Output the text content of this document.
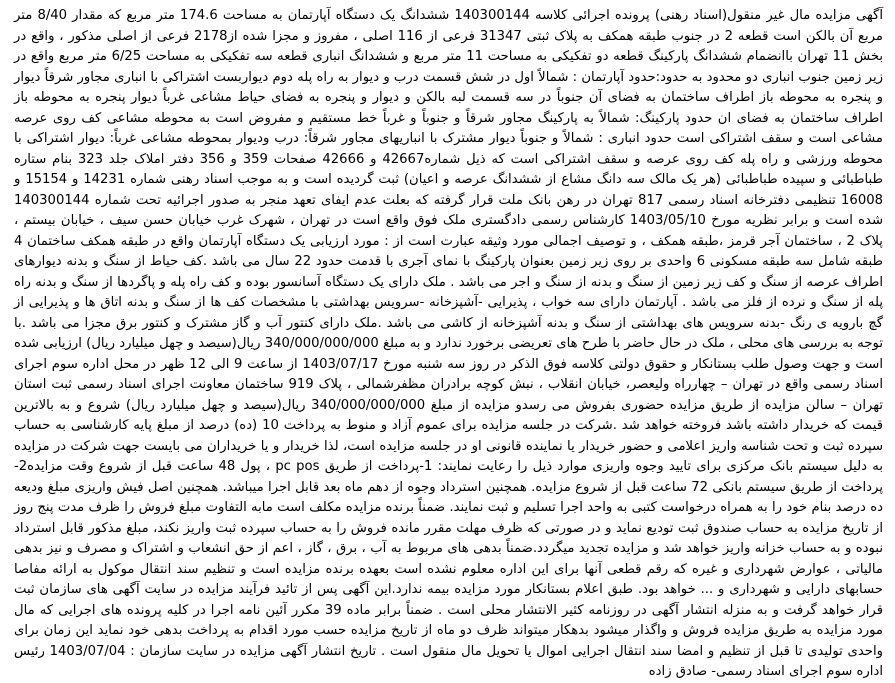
آگهی مزایده مال غیر منقول(اسناد رهنی) پرونده اجرائی کلاسه 140300144 ششدانگ یک دستگاه آپارتمان به مساحت 174.6 متر مربع که مقدار 8/40 متر مربع آن بالکن است قطعه 2 در جنوب طبقه همکف به پلاک ثبتی 31347 فرعی از 116 اصلی ، مفروز و مجزا شده از2178 فرعی از اصلی مذکور ، واقع در بخش 11 تهران باانضمام ششدانگ پارکینگ قطعه دو تفکیکی به مساحت 11 متر مربع و ششدانگ انباری قطعه سه تفکیکی به مساحت 6/25 متر مربع واقع در زیر زمین جنوب انباری دو محدود به حدود:حدود آپارتمان : شمالاً اول در شش قسمت درب و دیوار به راه پله دوم دیواربست اشتراکی با انباری مجاور شرقاً دیوار و پنجره به محوطه باز اطراف ساختمان به فضای آن جنوباً در سه قسمت لبه بالکن و دیوار و پنجره به فضای حیاط مشاعی غرباً دیوار پنجره به محوطه باز اطراف ساختمان به فضای ان حدود پارکینگ: شمالاً به پارکینگ مجاور شرقاً و جنوباً و غرباً خط مستقیم و مفروض است به محوطه مشاعی کف روی عرصه مشاعی است و سقف اشتراکی است حدود انباری : شمالاً و جنوباً دیوار مشترک با انباریهای مجاور شرقاً: درب ودیوار بمحوطه مشاعی غرباً: دیوار اشتراکی با محوطه ورزشی و راه پله کف روی عرصه و سقف اشتراکی است که ذیل شماره42667 و 42666 صفحات 359 و 356 دفتر املاک جلد 323 بنام ستاره طباطبائی و سپیده طباطبائی (هر یک مالک سه دانگ مشاع از ششدانگ عرصه و اعیان) ثبت گردیده است و به موجب اسناد رهنی شماره 14231 و 15154 و 16008 تنظیمی دفترخانه اسناد رسمی 817 تهران در رهن بانک ملت قرار گرفته که بعلت عدم ایفای تعهد منجر به صدور اجرائیه تحت شماره 140300144 شده است و برابر نظریه مورخ 1403/05/10 کارشناس رسمی دادگستری ملک فوق واقع است در تهران ، شهرک غرب خیابان حسن سیف ، خیابان بیستم ، پلاک 2 ، ساختمان آجر قرمز ،طبقه همکف ، و توصیف اجمالی مورد وثیقه عبارت است از : مورد ارزیابی یک دستگاه آپارتمان واقع در طبقه همکف ساختمان 4 طبقه شامل سه طبقه مسکونی 6 واحدی بر روی زیر زمین بعنوان پارکینگ با نمای آجری با قدمت حدود 22 سال می باشد .کف حیاط از سنگ و بدنه دیوارهای اطراف عرصه از سنگ و کف زیر زمین از سنگ و بدنه از سنگ و اجر می باشد . ملک دارای یک دستگاه آسانسور بوده و کف راه پله و پاگردها از سنگ و بدنه راه پله از سنگ و نرده از فلز می باشد . آپارتمان دارای سه خواب ، پذیرایی -آشپزخانه -سرویس بهداشتی با مشخصات کف ها از سنگ و بدنه اتاق ها و پذیرایی از گچ بارویه ی رنگ -بدنه سرویس های بهداشتی از سنگ و بدنه آشپزخانه از کاشی می باشد .ملک دارای کنتور آب و گاز مشترک و کنتور برق مجزا می باشد .با توجه به بررسی های محلی ، ملک در حال حاضر با طرح های تعریضی برخورد ندارد و به مبلغ 340/000/000/000 ریال(سیصد و چهل میلیارد ریال) ارزیابی شده است و جهت وصول طلب بستانکار و حقوق دولتی کلاسه فوق الذکر در روز سه شنبه مورخ 1403/07/17 از ساعت 9 الی 12 ظهر در محل اداره سوم اجرای اسناد رسمی واقع در تهران – چهارراه ولیعصر، خیابان انقلاب ، نبش کوچه برادران مظفرشمالی ، پلاک 919 ساختمان معاونت اجرای اسناد رسمی ثبت استان تهران – سالن مزایده از طریق مزایده حضوری بفروش می رسدو مزایده از مبلغ 340/000/000/000 ریال(سیصد و چهل میلیارد ریال) شروع و به بالاترین قیمت که خریدار داشته باشد فروخته خواهد شد .شرکت در جلسه مزایده برای عموم آزاد و منوط به پرداخت 10 (ده) درصد از مبلغ پایه کارشناسی به حساب سپرده ثبت و تحت شناسه واریز اعلامی و حضور خریدار یا نماینده قانونی او در جلسه مزایده است، لذا خریدار و یا خریداران می بایست جهت شرکت در مزایده به دلیل سیستم بانک مرکزی برای تایید وجوه واریزی موارد ذیل را رعایت نمایند: 1-پرداخت از طریق pc pos ، پول 48 ساعت قبل از شروع وقت مزایده2- پرداخت از طریق سیستم بانکی 72 ساعت قبل از شروع مزایده. همچنین استرداد وجوه از دهم ماه بعد قابل اجرا میباشد. همچنین اصل فیش واریزی مبلغ ودیعه ده درصد بنام خود را به همراه درخواست کتبی به واحد اجرا تسلیم و ثبت نمایند. ضمناً برنده مزایده مکلف است مابه التفاوت مبلغ فروش را ظرف مدت پنج روز از تاریخ مزایده به حساب صندوق ثبت تودیع نماید و در صورتی که ظرف مهلت مقرر مانده فروش را به حساب سپرده ثبت واریز نکند، مبلغ مذکور قابل استرداد نبوده و به حساب خزانه واریز خواهد شد و مزایده تجدید میگردد.ضمناً بدهی های مربوط به آب ، برق ، گاز ، اعم از حق انشعاب و اشتراک و مصرف و نیز بدهی مالیاتی ، عوارض شهرداری و غیره که رقم قطعی آنها برای این اداره معلوم نشده است بعهده برنده مزایده است و تنظیم سند انتقال موکول به ارائه مفاصا حسابهای دارایی و شهرداری و ... خواهد بود. طبق اعلام بستانکار مورد مزایده بیمه ندارد.این آگهی پس از تائید فرآیند مزایده در سایت آگهی های سازمان ثبت قرار خواهد گرفت و به منزله انتشار آگهی در روزنامه کثیر الانتشار محلی است . ضمناً برابر ماده 39 مکرر آئین نامه اجرا در کلیه پرونده های اجرایی که مال مورد مزایده به طریق مزایده فروش و واگذار میشود بدهکار میتواند ظرف دو ماه از تاریخ مزایده حسب مورد اقدام به پرداخت بدهی خود نماید این زمان برای واحدی تولیدی تا قبل از تنظیم و امضا سند انتقال اجرایی اموال یا تحویل مال منقول است . تاریخ انتشار آگهی مزایده در سایت سازمان : 1403/07/04 رئیس اداره سوم اجرای اسناد رسمی- صادق زاده
